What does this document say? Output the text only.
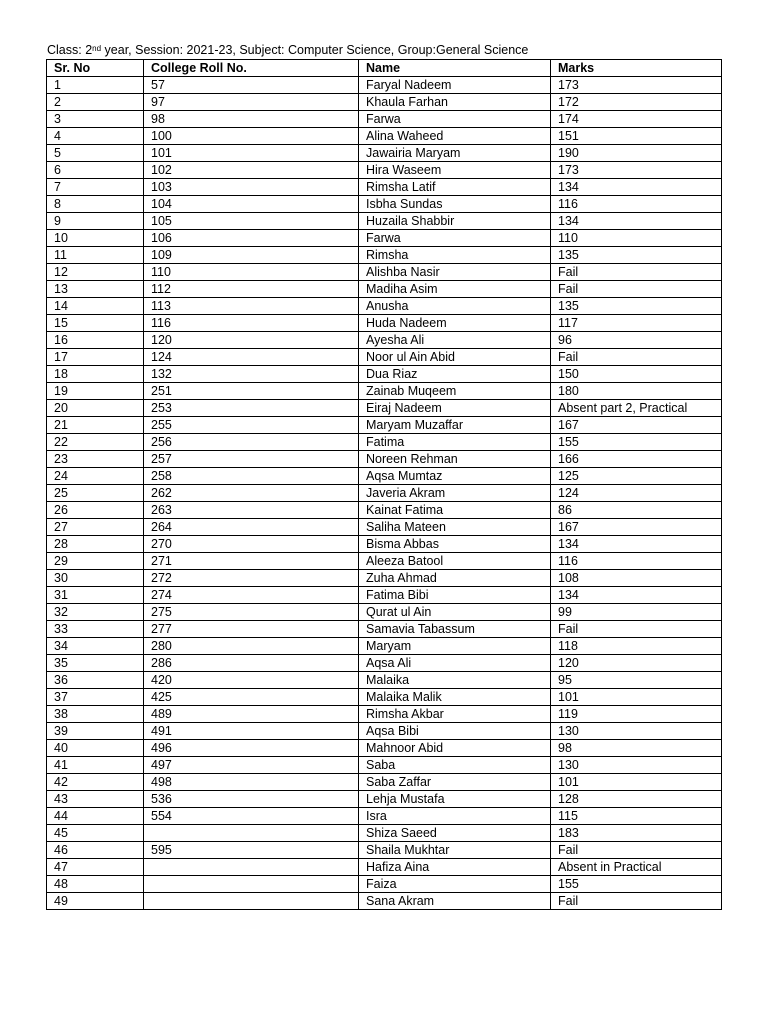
Class: 2nd year, Session: 2021-23, Subject: Computer Science, Group:General Science
Sr. No	College Roll No.	Name	Marks
1	57	Faryal Nadeem	173
2	97	Khaula Farhan	172
3	98	Farwa	174
4	100	Alina Waheed	151
5	101	Jawairia Maryam	190
6	102	Hira Waseem	173
7	103	Rimsha Latif	134
8	104	Isbha Sundas	116
9	105	Huzaila Shabbir	134
10	106	Farwa	110
11	109	Rimsha	135
12	110	Alishba Nasir	Fail
13	112	Madiha Asim	Fail
14	113	Anusha	135
15	116	Huda Nadeem	117
16	120	Ayesha Ali	96
17	124	Noor ul Ain Abid	Fail
18	132	Dua Riaz	150
19	251	Zainab Muqeem	180
20	253	Eiraj Nadeem	Absent part 2, Practical
21	255	Maryam Muzaffar	167
22	256	Fatima	155
23	257	Noreen Rehman	166
24	258	Aqsa Mumtaz	125
25	262	Javeria Akram	124
26	263	Kainat Fatima	86
27	264	Saliha Mateen	167
28	270	Bisma Abbas	134
29	271	Aleeza Batool	116
30	272	Zuha Ahmad	108
31	274	Fatima Bibi	134
32	275	Qurat ul Ain	99
33	277	Samavia Tabassum	Fail
34	280	Maryam	118
35	286	Aqsa Ali	120
36	420	Malaika	95
37	425	Malaika Malik	101
38	489	Rimsha Akbar	119
39	491	Aqsa Bibi	130
40	496	Mahnoor Abid	98
41	497	Saba	130
42	498	Saba Zaffar	101
43	536	Lehja Mustafa	128
44	554	Isra	115
45		Shiza Saeed	183
46	595	Shaila Mukhtar	Fail
47		Hafiza Aina	Absent in Practical
48		Faiza	155
49		Sana Akram	Fail
